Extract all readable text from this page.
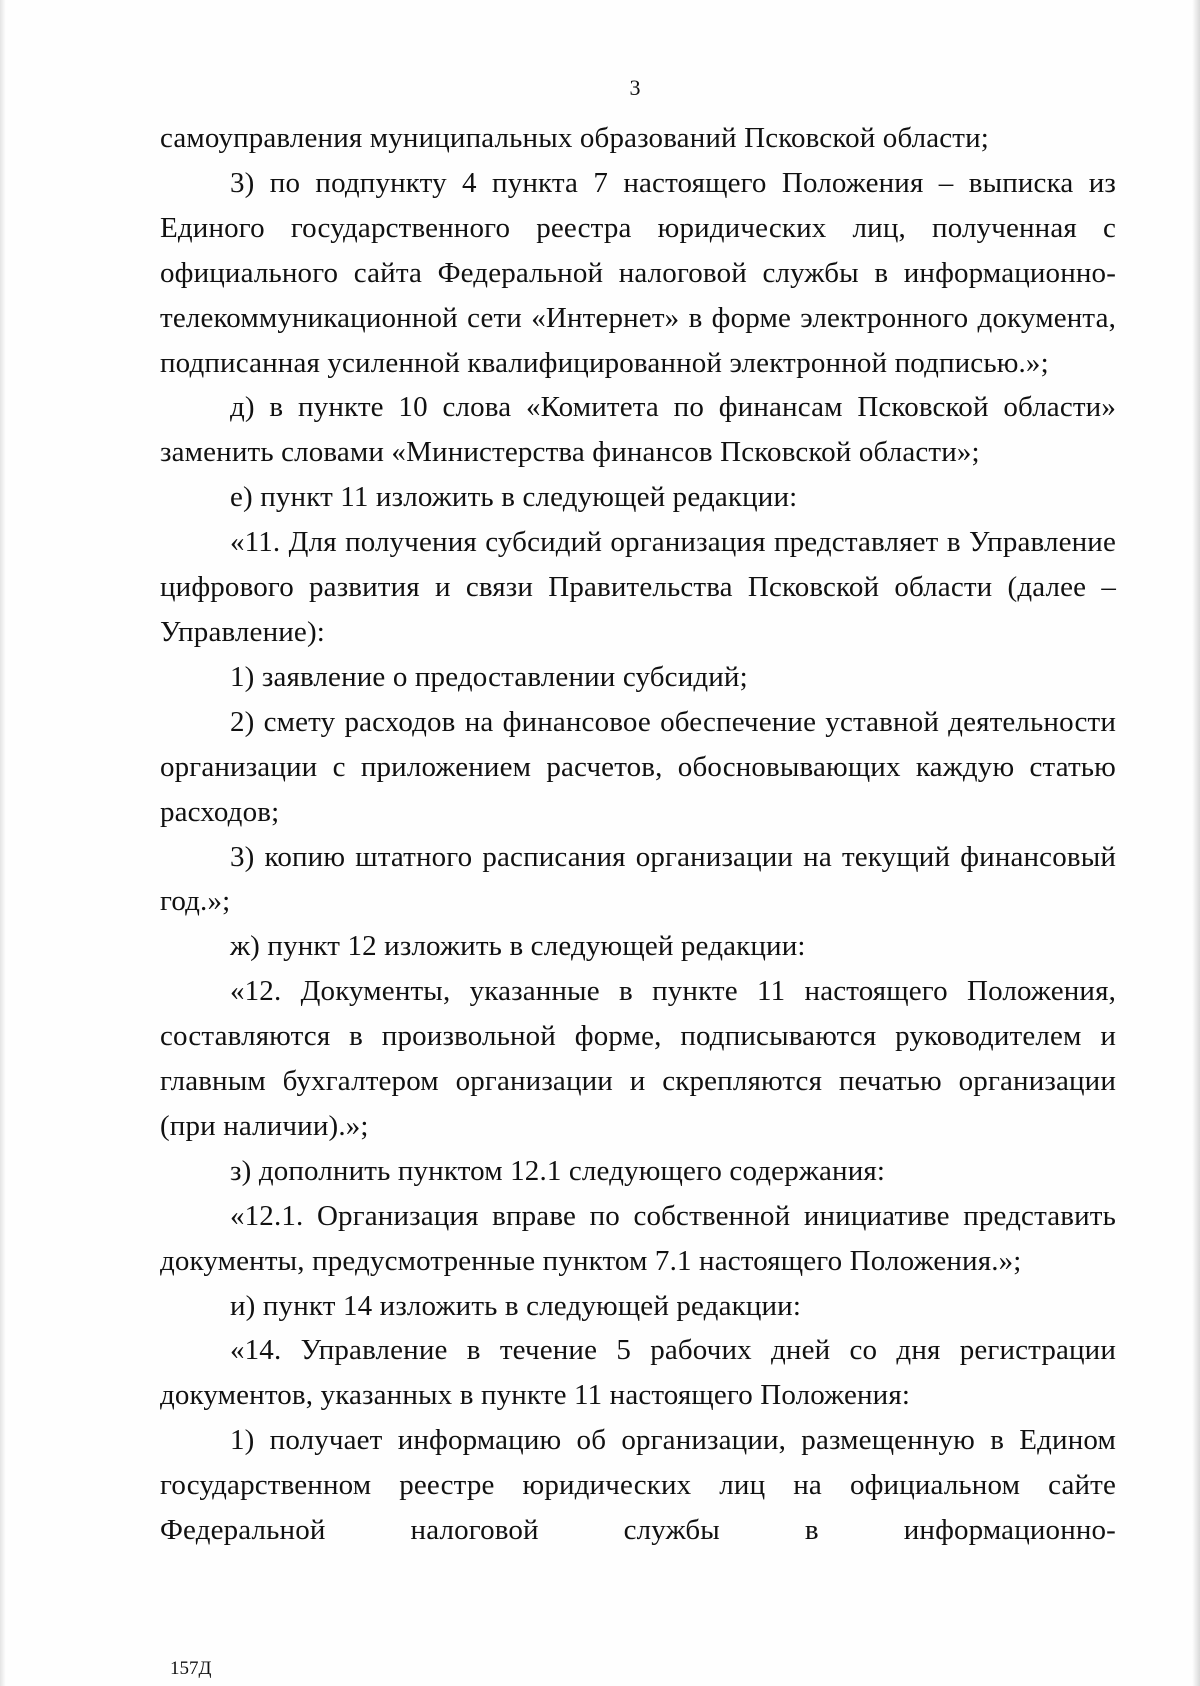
3

самоуправления муниципальных образований Псковской области;

3) по подпункту 4 пункта 7 настоящего Положения – выписка из Единого государственного реестра юридических лиц, полученная с официального сайта Федеральной налоговой службы в информационно-телекоммуникационной сети «Интернет» в форме электронного документа, подписанная усиленной квалифицированной электронной подписью.»;

д) в пункте 10 слова «Комитета по финансам Псковской области» заменить словами «Министерства финансов Псковской области»;

е) пункт 11 изложить в следующей редакции:

«11. Для получения субсидий организация представляет в Управление цифрового развития и связи Правительства Псковской области (далее – Управление):

1) заявление о предоставлении субсидий;

2) смету расходов на финансовое обеспечение уставной деятельности организации с приложением расчетов, обосновывающих каждую статью расходов;

3) копию штатного расписания организации на текущий финансовый год.»;

ж) пункт 12 изложить в следующей редакции:

«12. Документы, указанные в пункте 11 настоящего Положения, составляются в произвольной форме, подписываются руководителем и главным бухгалтером организации и скрепляются печатью организации (при наличии).»;

з) дополнить пунктом 12.1 следующего содержания:

«12.1. Организация вправе по собственной инициативе представить документы, предусмотренные пунктом 7.1 настоящего Положения.»;

и) пункт 14 изложить в следующей редакции:

«14. Управление в течение 5 рабочих дней со дня регистрации документов, указанных в пункте 11 настоящего Положения:

1) получает информацию об организации, размещенную в Едином государственном реестре юридических лиц на официальном сайте Федеральной налоговой службы в информационно-

157Д
